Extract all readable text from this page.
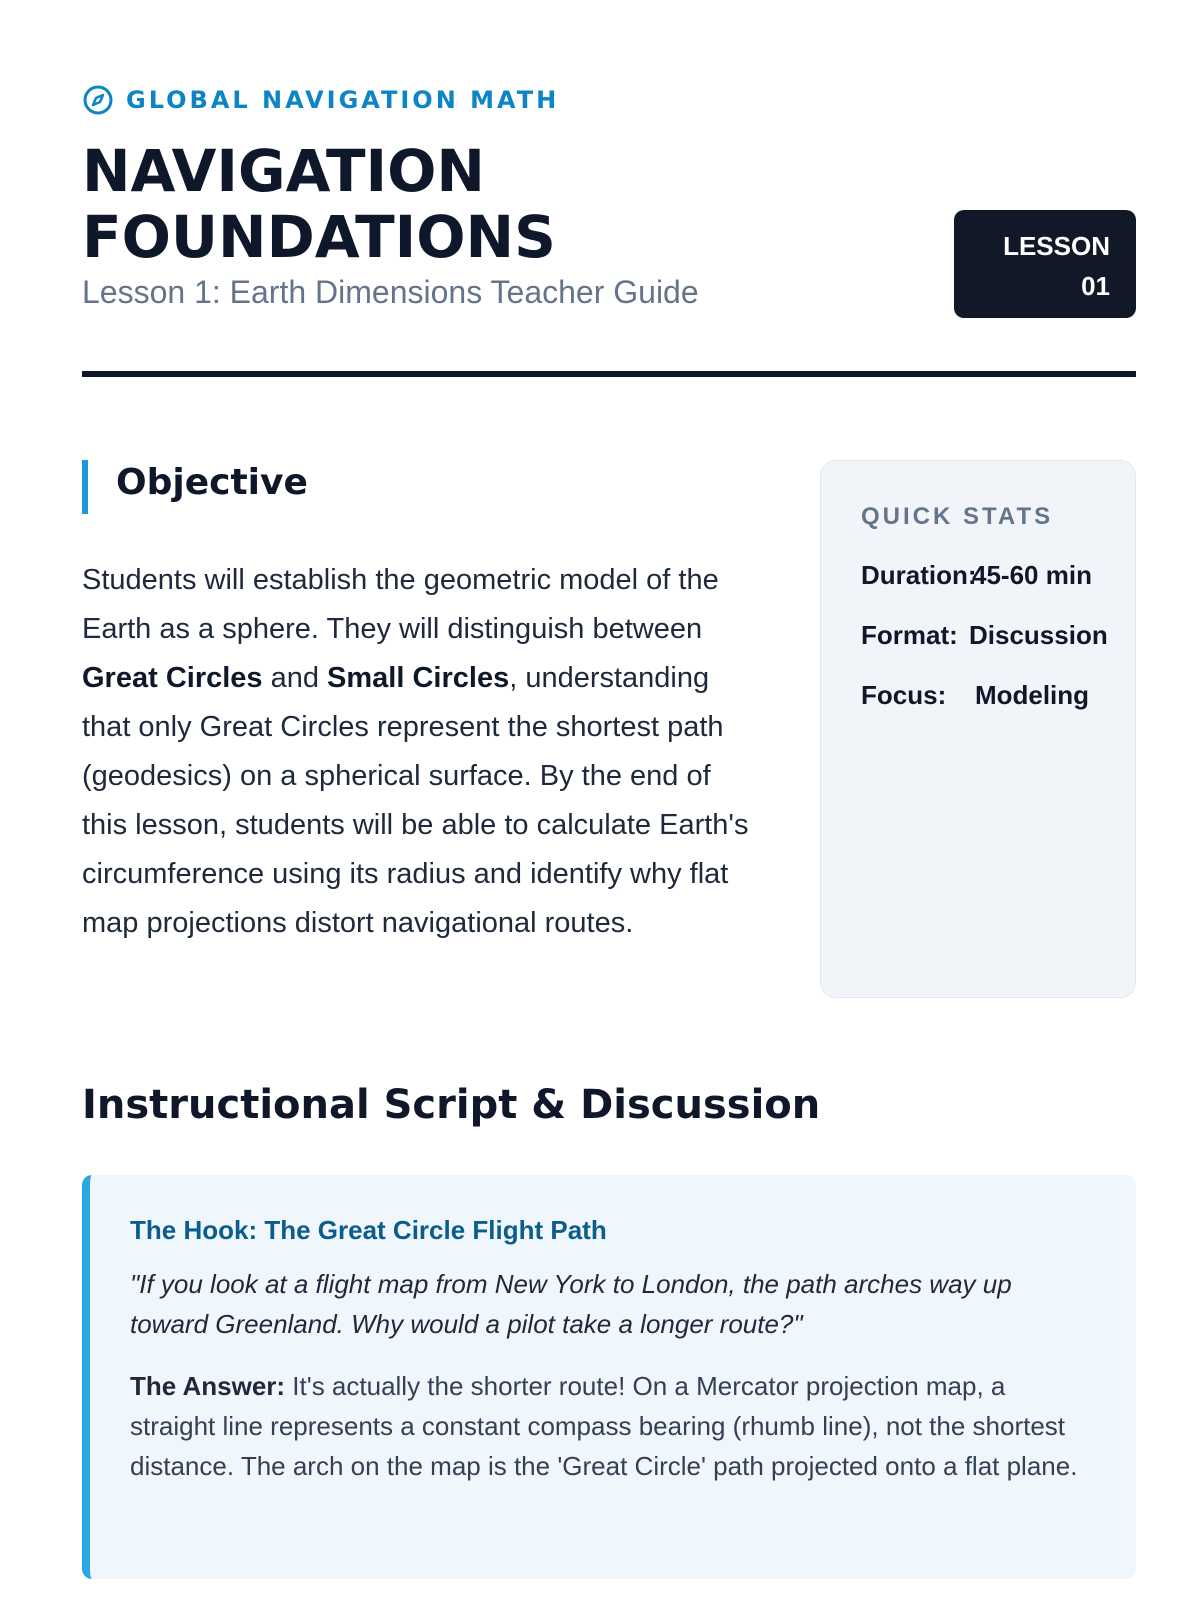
GLOBAL NAVIGATION MATH
NAVIGATION
FOUNDATIONS
Lesson 1: Earth Dimensions Teacher Guide
LESSON
01
Objective

Students will establish the geometric model of the Earth as a sphere. They will distinguish between Great Circles and Small Circles, understanding that only Great Circles represent the shortest path (geodesics) on a spherical surface. By the end of this lesson, students will be able to calculate Earth's circumference using its radius and identify why flat map projections distort navigational routes.

QUICK STATS
Duration:
45-60 min
Format: Discussion
Focus:	Modeling
Instructional Script & Discussion
The Hook: The Great Circle Flight Path

"If you look at a flight map from New York to London, the path arches way up toward Greenland. Why would a pilot take a longer route?"

The Answer: It's actually the shorter route! On a Mercator projection map, a straight line represents a constant compass bearing (rhumb line), not the shortest distance. The arch on the map is the 'Great Circle' path projected onto a flat plane.
